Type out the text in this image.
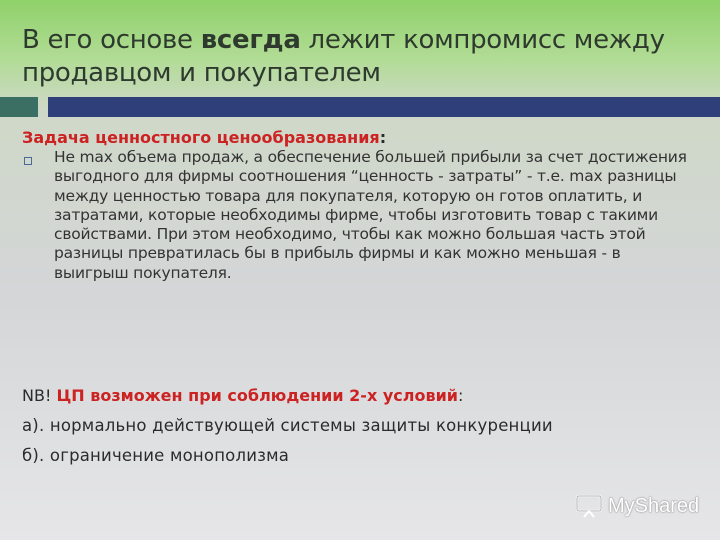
В его основе всегда лежит компромисс между продавцом и покупателем
Задача ценностного ценообразования:
Не max объема продаж, а обеспечение большей прибыли за счет достижения выгодного для фирмы соотношения “ценность - затраты” - т.е. max разницы между ценностью товара для покупателя, которую он готов оплатить, и затратами, которые необходимы фирме, чтобы изготовить товар с такими свойствами. При этом необходимо, чтобы как можно большая часть этой разницы превратилась бы в прибыль фирмы и как можно меньшая - в выигрыш покупателя.
NB! ЦП возможен при соблюдении 2-х условий:
а). нормально действующей системы защиты конкуренции
б). ограничение монополизма
MyShared
